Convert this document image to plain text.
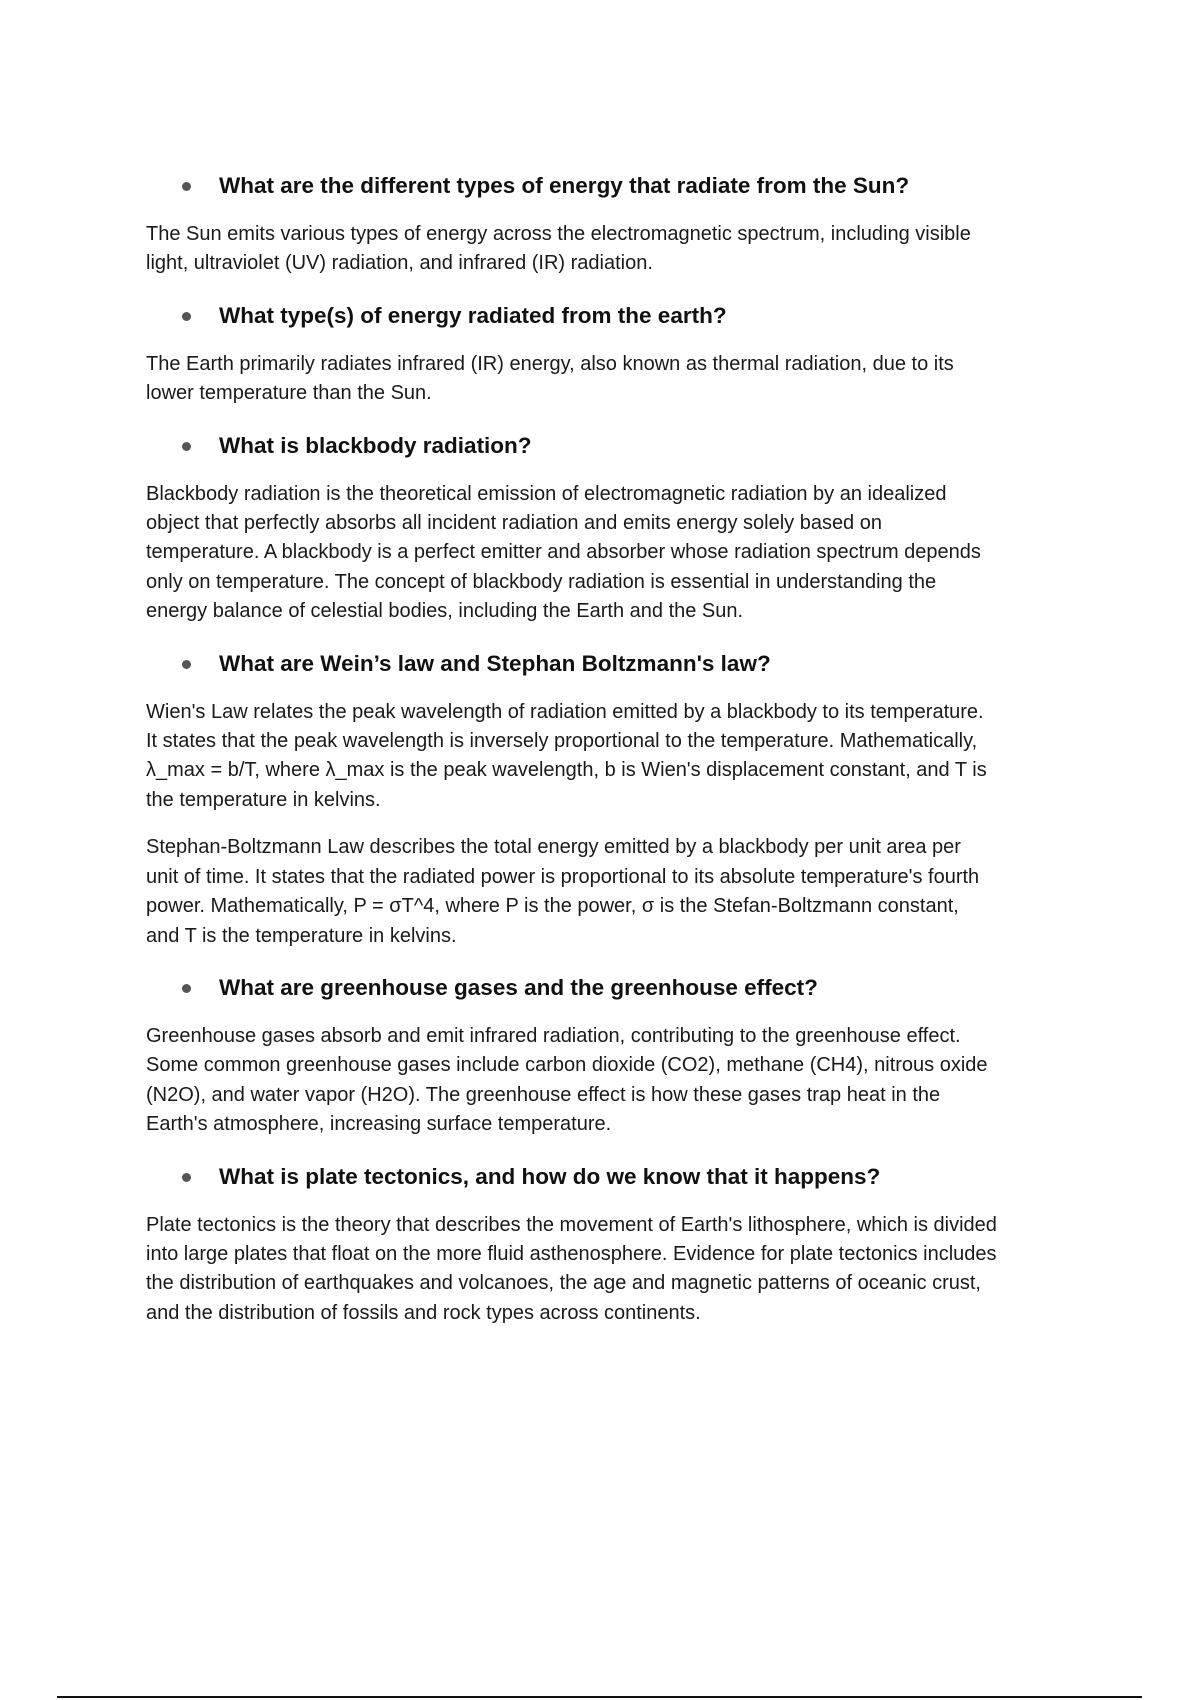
What are the different types of energy that radiate from the Sun?
The Sun emits various types of energy across the electromagnetic spectrum, including visible
light, ultraviolet (UV) radiation, and infrared (IR) radiation.
What type(s) of energy radiated from the earth?
The Earth primarily radiates infrared (IR) energy, also known as thermal radiation, due to its
lower temperature than the Sun.
What is blackbody radiation?
Blackbody radiation is the theoretical emission of electromagnetic radiation by an idealized
object that perfectly absorbs all incident radiation and emits energy solely based on
temperature. A blackbody is a perfect emitter and absorber whose radiation spectrum depends
only on temperature. The concept of blackbody radiation is essential in understanding the
energy balance of celestial bodies, including the Earth and the Sun.
What are Wein’s law and Stephan Boltzmann's law?
Wien's Law relates the peak wavelength of radiation emitted by a blackbody to its temperature.
It states that the peak wavelength is inversely proportional to the temperature. Mathematically,
λ_max = b/T, where λ_max is the peak wavelength, b is Wien's displacement constant, and T is
the temperature in kelvins.
Stephan-Boltzmann Law describes the total energy emitted by a blackbody per unit area per
unit of time. It states that the radiated power is proportional to its absolute temperature's fourth
power. Mathematically, P = σT^4, where P is the power, σ is the Stefan-Boltzmann constant,
and T is the temperature in kelvins.
What are greenhouse gases and the greenhouse effect?
Greenhouse gases absorb and emit infrared radiation, contributing to the greenhouse effect.
Some common greenhouse gases include carbon dioxide (CO2), methane (CH4), nitrous oxide
(N2O), and water vapor (H2O). The greenhouse effect is how these gases trap heat in the
Earth's atmosphere, increasing surface temperature.
What is plate tectonics, and how do we know that it happens?
Plate tectonics is the theory that describes the movement of Earth's lithosphere, which is divided
into large plates that float on the more fluid asthenosphere. Evidence for plate tectonics includes
the distribution of earthquakes and volcanoes, the age and magnetic patterns of oceanic crust,
and the distribution of fossils and rock types across continents.
